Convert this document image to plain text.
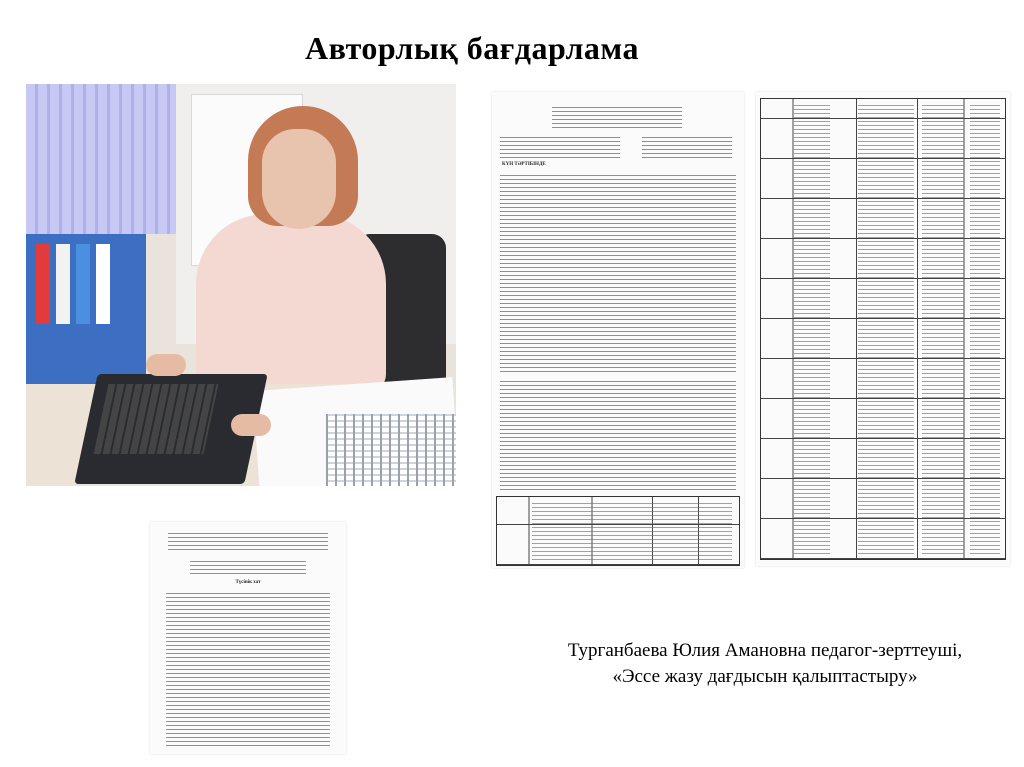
Авторлық бағдарлама
Түсінік хат
КҮН ТӘРТІБІНДЕ
Турганбаева Юлия Амановна педагог-зерттеуші, «Эссе жазу дағдысын қалыптастыру»
